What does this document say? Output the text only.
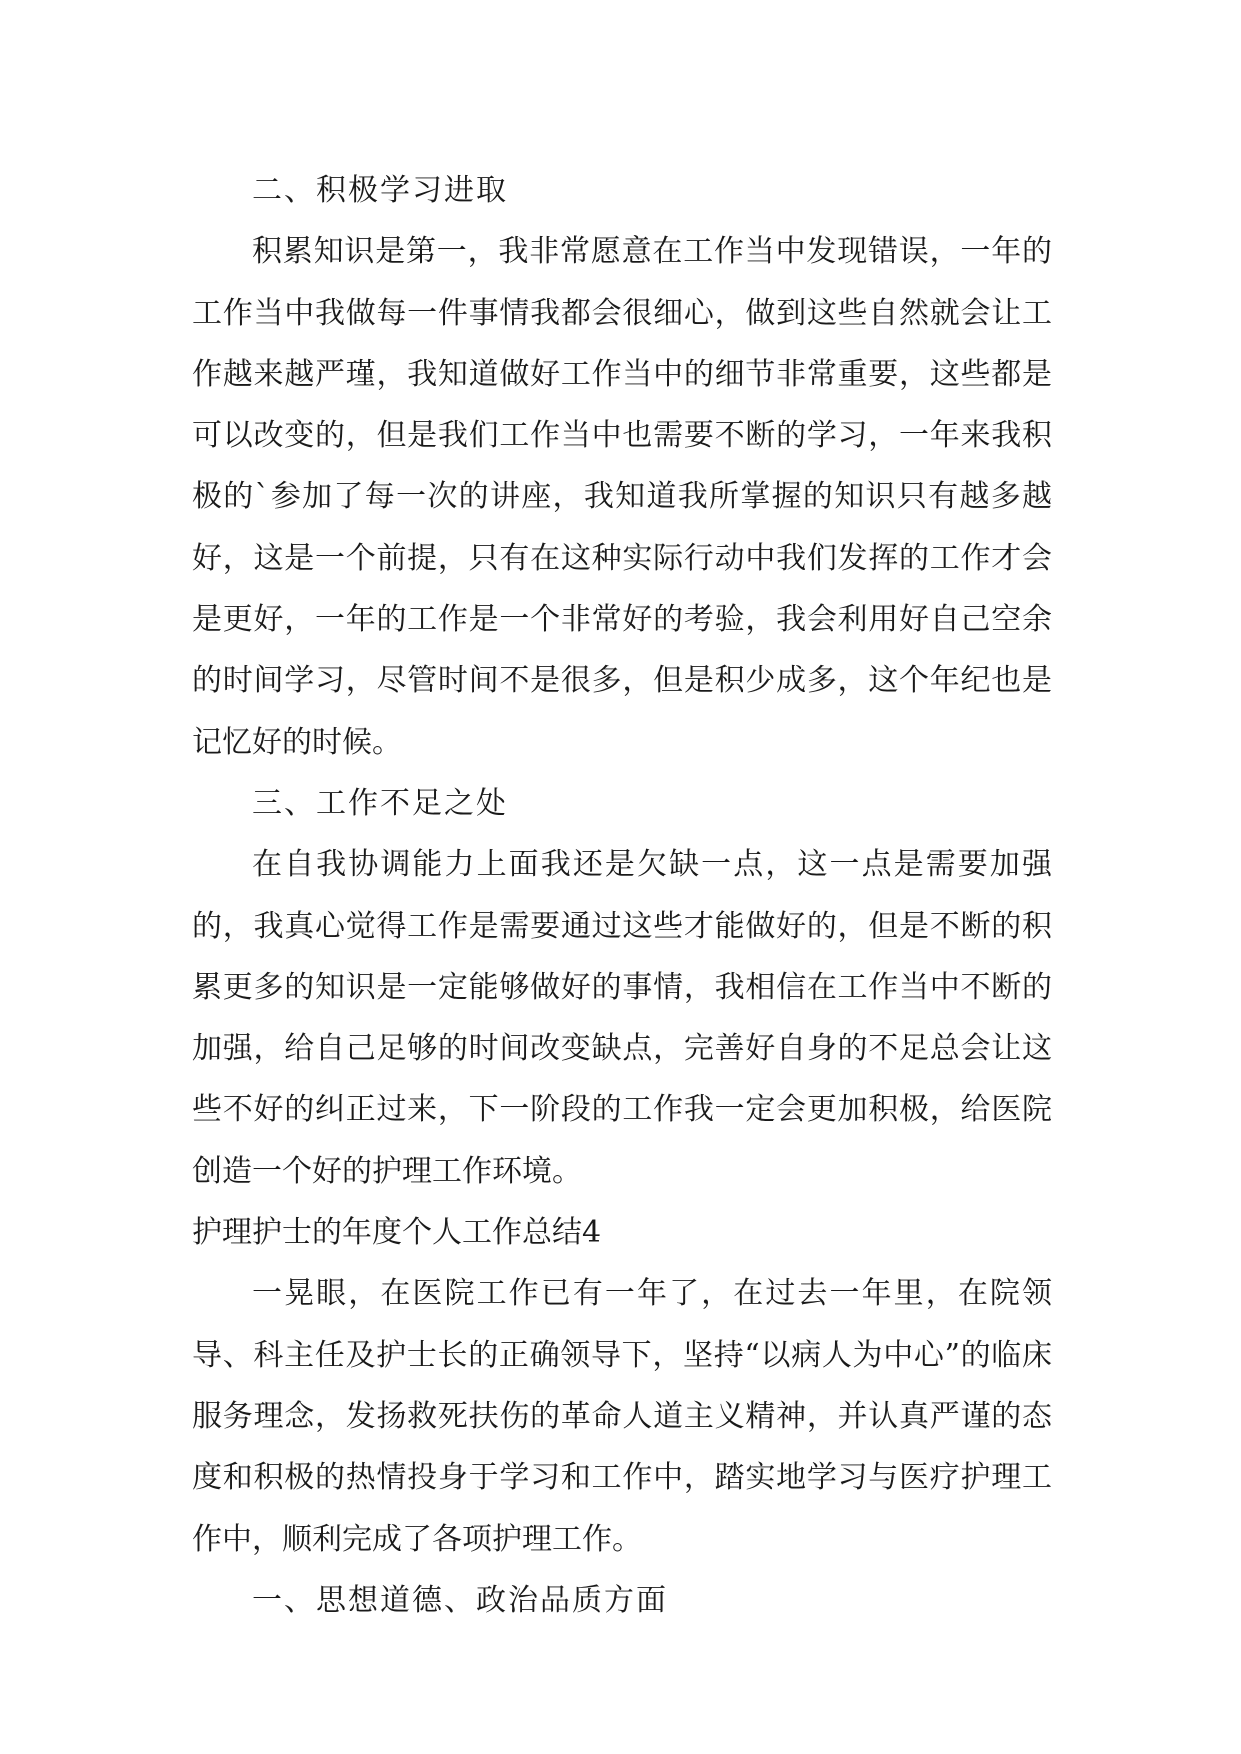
二、积极学习进取

积累知识是第一，我非常愿意在工作当中发现错误，一年的工作当中我做每一件事情我都会很细心，做到这些自然就会让工作越来越严瑾，我知道做好工作当中的细节非常重要，这些都是可以改变的，但是我们工作当中也需要不断的学习，一年来我积极的`参加了每一次的讲座，我知道我所掌握的知识只有越多越好，这是一个前提，只有在这种实际行动中我们发挥的工作才会是更好，一年的工作是一个非常好的考验，我会利用好自己空余的时间学习，尽管时间不是很多，但是积少成多，这个年纪也是记忆好的时候。

三、工作不足之处

在自我协调能力上面我还是欠缺一点，这一点是需要加强的，我真心觉得工作是需要通过这些才能做好的，但是不断的积累更多的知识是一定能够做好的事情，我相信在工作当中不断的加强，给自己足够的时间改变缺点，完善好自身的不足总会让这些不好的纠正过来，下一阶段的工作我一定会更加积极，给医院创造一个好的护理工作环境。

护理护士的年度个人工作总结4

一晃眼，在医院工作已有一年了，在过去一年里，在院领导、科主任及护士长的正确领导下，坚持“以病人为中心”的临床服务理念，发扬救死扶伤的革命人道主义精神，并认真严谨的态度和积极的热情投身于学习和工作中，踏实地学习与医疗护理工作中，顺利完成了各项护理工作。

一、思想道德、政治品质方面
